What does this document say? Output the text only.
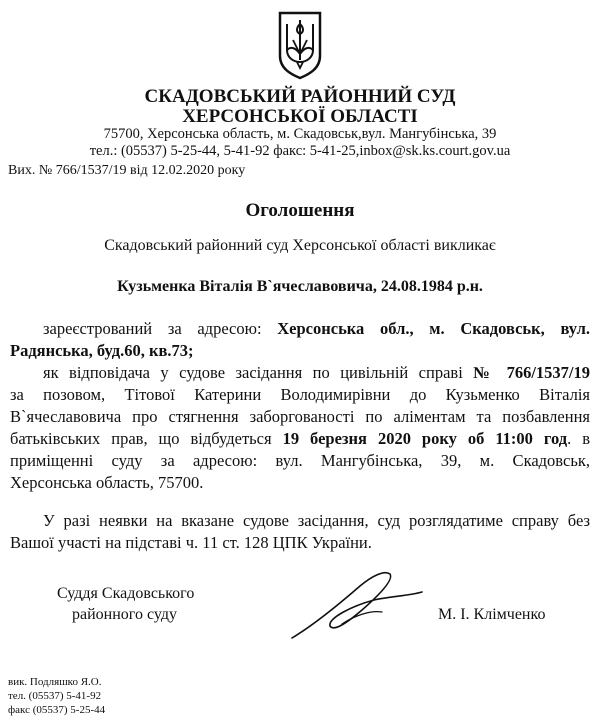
СКАДОВСЬКИЙ РАЙОННИЙ СУД
ХЕРСОНСЬКОЇ ОБЛАСТІ
75700, Херсонська область, м. Скадовськ,вул. Мангубінська, 39
тел.: (05537) 5-25-44, 5-41-92 факс: 5-41-25,inbox@sk.ks.court.gov.ua
Вих. № 766/1537/19 від 12.02.2020 року
Оголошення
Скадовський районний суд Херсонської області викликає
Кузьменка Віталія В`ячеславовича, 24.08.1984 р.н.
зареєстрований за адресою: Херсонська обл., м. Скадовськ, вул.
Радянська, буд.60, кв.73;
як відповідача у судове засідання по цивільній справі № 766/1537/19
за позовом, Тітової Катерини Володимирівни до Кузьменко Віталія
В`ячеславовича про стягнення заборгованості по аліментам та позбавлення
батьківських прав, що відбудеться 19 березня 2020 року об 11:00 год. в
приміщенні суду за адресою: вул. Мангубінська, 39, м. Скадовськ,
Херсонська область, 75700.
У разі неявки на вказане судове засідання, суд розглядатиме справу без
Вашої участі на підставі ч. 11 ст. 128 ЦПК України.
Суддя Скадовського
районного суду	М. І. Клімченко
вик. Подляшко Я.О.
тел. (05537) 5-41-92
факс (05537) 5-25-44
